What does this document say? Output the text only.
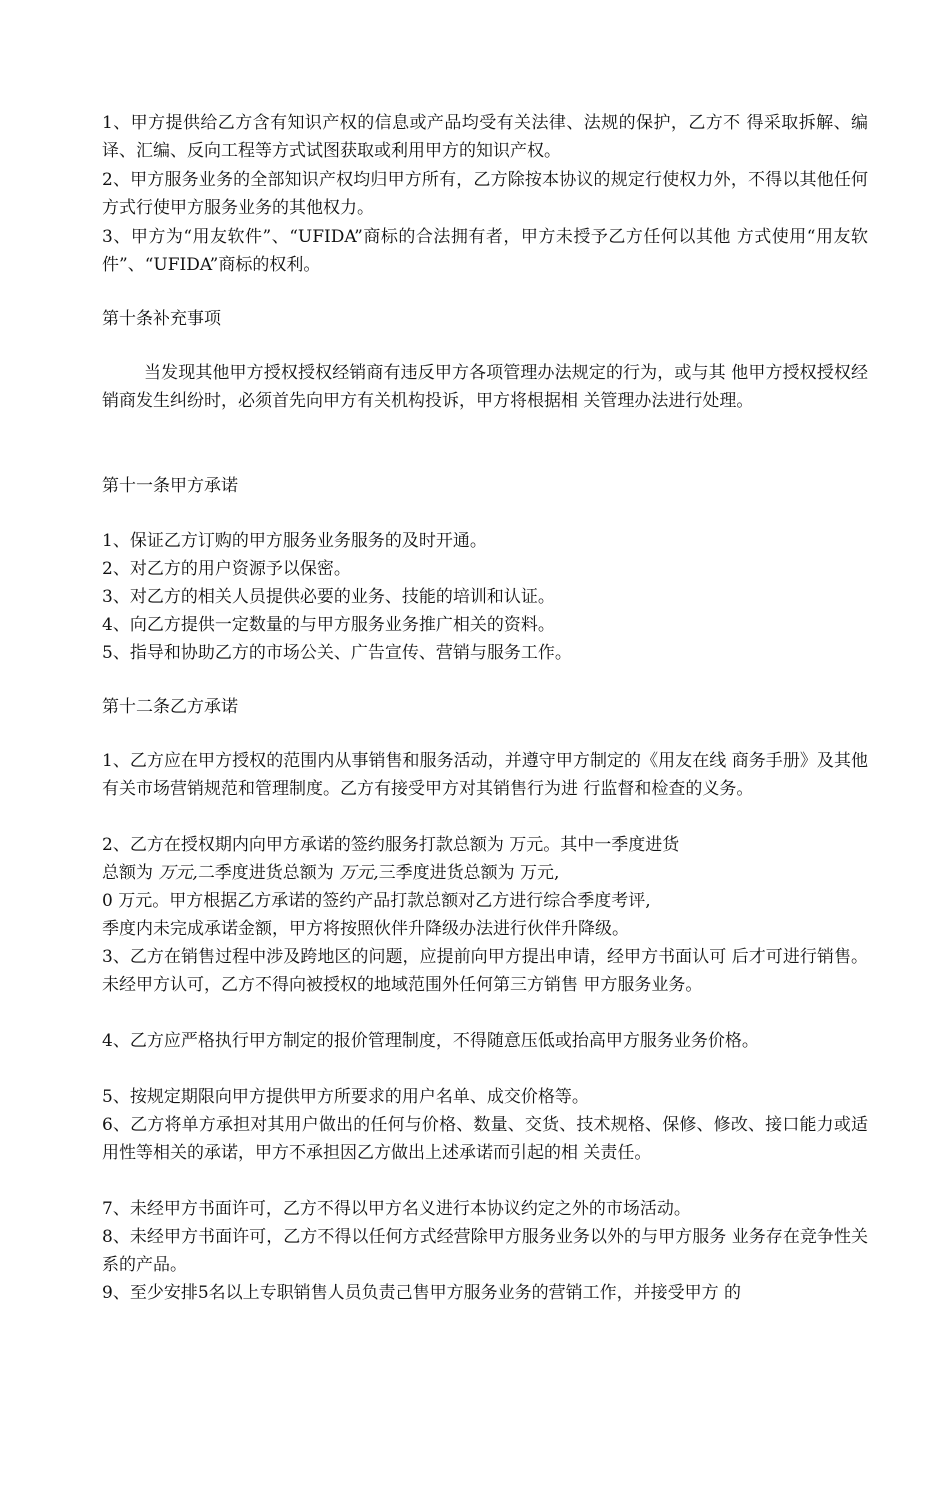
1、甲方提供给乙方含有知识产权的信息或产品均受有关法律、法规的保护，乙方不 得采取拆解、编译、汇编、反向工程等方式试图获取或利用甲方的知识产权。

2、甲方服务业务的全部知识产权均归甲方所有，乙方除按本协议的规定行使权力外，不得以其他任何方式行使甲方服务业务的其他权力。

3、甲方为“用友软件”、“UFIDA”商标的合法拥有者，甲方未授予乙方任何以其他 方式使用“用友软件”、“UFIDA”商标的权利。

第十条补充事项

当发现其他甲方授权授权经销商有违反甲方各项管理办法规定的行为，或与其 他甲方授权授权经销商发生纠纷时，必须首先向甲方有关机构投诉，甲方将根据相 关管理办法进行处理。

第十一条甲方承诺

1、保证乙方订购的甲方服务业务服务的及时开通。

2、对乙方的用户资源予以保密。

3、对乙方的相关人员提供必要的业务、技能的培训和认证。

4、向乙方提供一定数量的与甲方服务业务推广相关的资料。

5、指导和协助乙方的市场公关、广告宣传、营销与服务工作。

第十二条乙方承诺

1、乙方应在甲方授权的范围内从事销售和服务活动，并遵守甲方制定的《用友在线 商务手册》及其他有关市场营销规范和管理制度。乙方有接受甲方对其销售行为进 行监督和检查的义务。

2、乙方在授权期内向甲方承诺的签约服务打款总额为 万元。其中一季度进货

总额为 万元,二季度进货总额为 万元,三季度进货总额为 万元,

0 万元。甲方根据乙方承诺的签约产品打款总额对乙方进行综合季度考评,

季度内未完成承诺金额，甲方将按照伙伴升降级办法进行伙伴升降级。

3、乙方在销售过程中涉及跨地区的问题，应提前向甲方提出申请，经甲方书面认可 后才可进行销售。未经甲方认可，乙方不得向被授权的地域范围外任何第三方销售 甲方服务业务。

4、乙方应严格执行甲方制定的报价管理制度，不得随意压低或抬高甲方服务业务价格。

5、按规定期限向甲方提供甲方所要求的用户名单、成交价格等。

6、乙方将单方承担对其用户做出的任何与价格、数量、交货、技术规格、保修、修改、接口能力或适用性等相关的承诺，甲方不承担因乙方做出上述承诺而引起的相 关责任。

7、未经甲方书面许可，乙方不得以甲方名义进行本协议约定之外的市场活动。

8、未经甲方书面许可，乙方不得以任何方式经营除甲方服务业务以外的与甲方服务 业务存在竞争性关系的产品。

9、至少安排5名以上专职销售人员负责己售甲方服务业务的营销工作，并接受甲方 的
